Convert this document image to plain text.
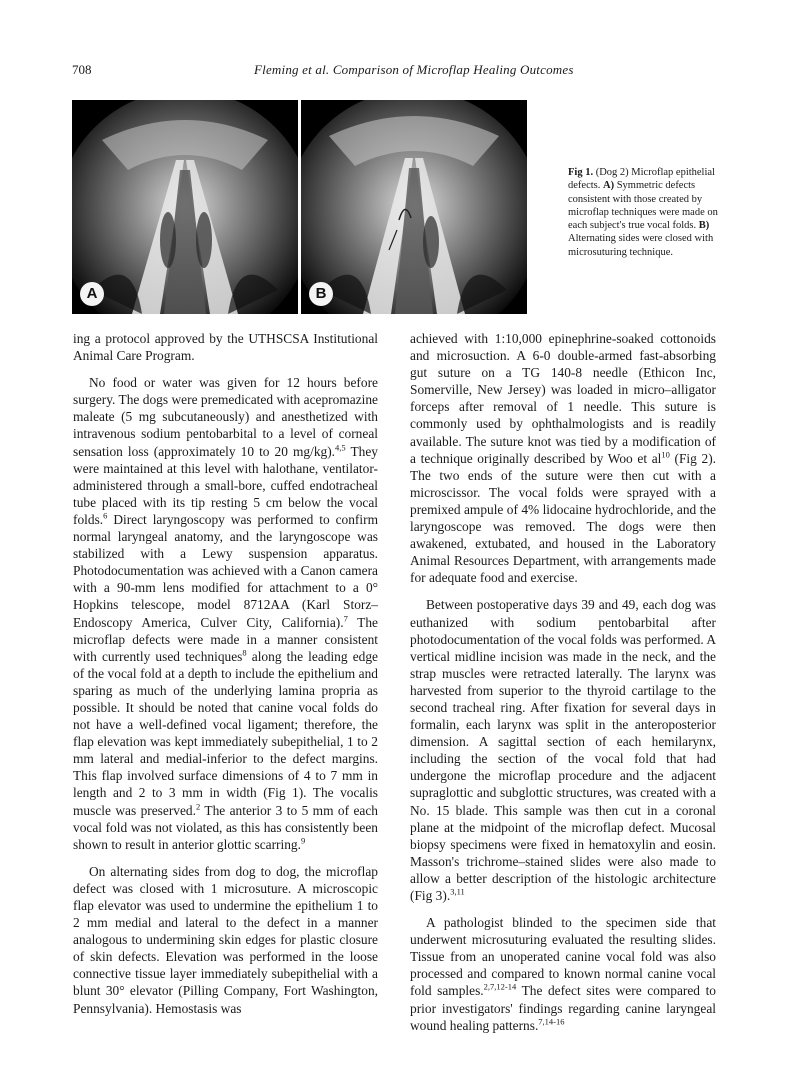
708	Fleming et al. Comparison of Microflap Healing Outcomes
A	B
Fig 1. (Dog 2) Microflap epithelial defects. A) Symmetric defects consistent with those created by microflap techniques were made on each subject's true vocal folds. B) Alternating sides were closed with microsuturing technique.

ing a protocol approved by the UTHSCSA Institutional Animal Care Program.

No food or water was given for 12 hours before surgery. The dogs were premedicated with acepromazine maleate (5 mg subcutaneously) and anesthetized with intravenous sodium pentobarbital to a level of corneal sensation loss (approximately 10 to 20 mg/kg).$^{4,5}$ They were maintained at this level with halothane, ventilator-administered through a small-bore, cuffed endotracheal tube placed with its tip resting 5 cm below the vocal folds.$^6$ Direct laryngoscopy was performed to confirm normal laryngeal anatomy, and the laryngoscope was stabilized with a Lewy suspension apparatus. Photodocumentation was achieved with a Canon camera with a 90-mm lens modified for attachment to a 0° Hopkins telescope, model 8712AA (Karl Storz–Endoscopy America, Culver City, California).$^7$ The microflap defects were made in a manner consistent with currently used techniques$^8$ along the leading edge of the vocal fold at a depth to include the epithelium and sparing as much of the underlying lamina propria as possible. It should be noted that canine vocal folds do not have a well-defined vocal ligament; therefore, the flap elevation was kept immediately subepithelial, 1 to 2 mm lateral and medial-inferior to the defect margins. This flap involved surface dimensions of 4 to 7 mm in length and 2 to 3 mm in width (Fig 1). The vocalis muscle was preserved.$^2$ The anterior 3 to 5 mm of each vocal fold was not violated, as this has consistently been shown to result in anterior glottic scarring.$^9$

On alternating sides from dog to dog, the microflap defect was closed with 1 microsuture. A microscopic flap elevator was used to undermine the epithelium 1 to 2 mm medial and lateral to the defect in a manner analogous to undermining skin edges for plastic closure of skin defects. Elevation was performed in the loose connective tissue layer immediately subepithelial with a blunt 30° elevator (Pilling Company, Fort Washington, Pennsylvania). Hemostasis was

achieved with 1:10,000 epinephrine-soaked cottonoids and microsuction. A 6-0 double-armed fast-absorbing gut suture on a TG 140-8 needle (Ethicon Inc, Somerville, New Jersey) was loaded in micro–alligator forceps after removal of 1 needle. This suture is commonly used by ophthalmologists and is readily available. The suture knot was tied by a modification of a technique originally described by Woo et $al^{10}$ (Fig 2). The two ends of the suture were then cut with a microscissor. The vocal folds were sprayed with a premixed ampule of 4% lidocaine hydrochloride, and the laryngoscope was removed. The dogs were then awakened, extubated, and housed in the Laboratory Animal Resources Department, with arrangements made for adequate food and exercise.

Between postoperative days 39 and 49, each dog was euthanized with sodium pentobarbital after photodocumentation of the vocal folds was performed. A vertical midline incision was made in the neck, and the strap muscles were retracted laterally. The larynx was harvested from superior to the thyroid cartilage to the second tracheal ring. After fixation for several days in formalin, each larynx was split in the anteroposterior dimension. A sagittal section of each hemilarynx, including the section of the vocal fold that had undergone the microflap procedure and the adjacent supraglottic and subglottic structures, was created with a No. 15 blade. This sample was then cut in a coronal plane at the midpoint of the microflap defect. Mucosal biopsy specimens were fixed in hematoxylin and eosin. Masson's trichrome–stained slides were also made to allow a better description of the histologic architecture (Fig 3).$^{3,11}$

A pathologist blinded to the specimen side that underwent microsuturing evaluated the resulting slides. Tissue from an unoperated canine vocal fold was also processed and compared to known normal canine vocal fold samples.$^{2,7,12-14}$ The defect sites were compared to prior investigators' findings regarding canine laryngeal wound healing patterns.$^{7,14-16}$
